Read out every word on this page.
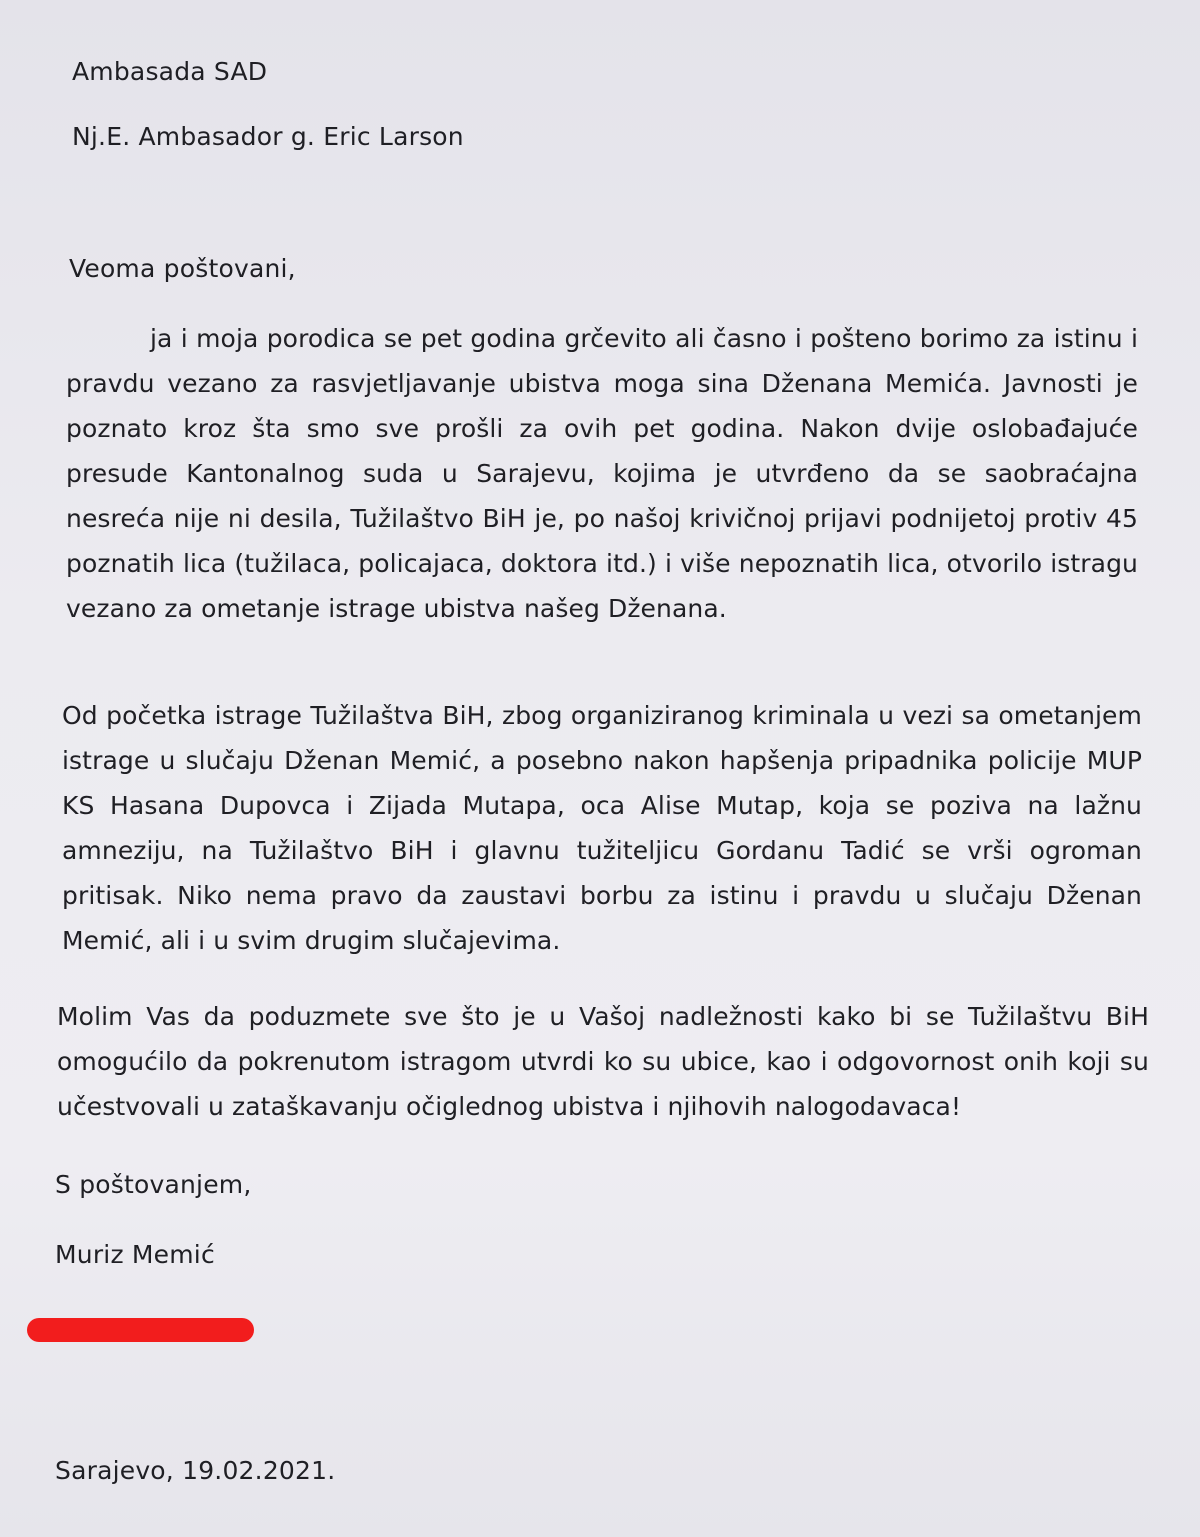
Ambasada SAD
Nj.E. Ambasador g. Eric Larson
Veoma poštovani,

ja i moja porodica se pet godina grčevito ali časno i pošteno borimo za istinu i pravdu vezano za rasvjetljavanje ubistva moga sina Dženana Memića. Javnosti je poznato kroz šta smo sve prošli za ovih pet godina. Nakon dvije oslobađajuće presude Kantonalnog suda u Sarajevu, kojima je utvrđeno da se saobraćajna nesreća nije ni desila, Tužilaštvo BiH je, po našoj krivičnoj prijavi podnijetoj protiv 45 poznatih lica (tužilaca, policajaca, doktora itd.) i više nepoznatih lica, otvorilo istragu vezano za ometanje istrage ubistva našeg Dženana.

Od početka istrage Tužilaštva BiH, zbog organiziranog kriminala u vezi sa ometanjem istrage u slučaju Dženan Memić, a posebno nakon hapšenja pripadnika policije MUP KS Hasana Dupovca i Zijada Mutapa, oca Alise Mutap, koja se poziva na lažnu amneziju, na Tužilaštvo BiH i glavnu tužiteljicu Gordanu Tadić se vrši ogroman pritisak. Niko nema pravo da zaustavi borbu za istinu i pravdu u slučaju Dženan Memić, ali i u svim drugim slučajevima.

Molim Vas da poduzmete sve što je u Vašoj nadležnosti kako bi se Tužilaštvu BiH omogućilo da pokrenutom istragom utvrdi ko su ubice, kao i odgovornost onih koji su učestvovali u zataškavanju očiglednog ubistva i njihovih nalogodavaca!

S poštovanjem,
Muriz Memić
Sarajevo, 19.02.2021.
